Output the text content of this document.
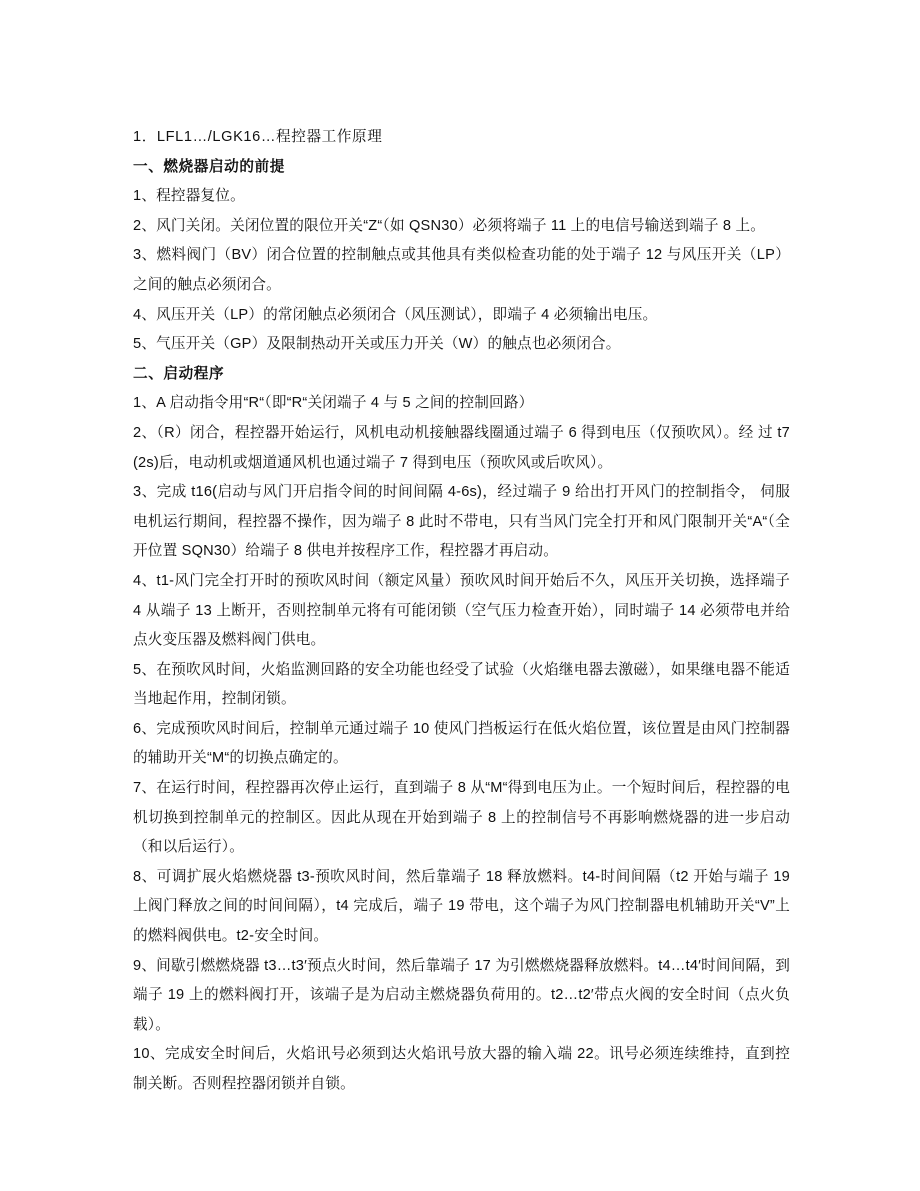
1．LFL1…/LGK16…程控器工作原理

一、燃烧器启动的前提

1、程控器复位。

2、风门关闭。关闭位置的限位开关“Z“（如 QSN30）必须将端子 11 上的电信号输送到端子 8 上。

3、燃料阀门（BV）闭合位置的控制触点或其他具有类似检查功能的处于端子 12 与风压开关（LP）之间的触点必须闭合。

4、风压开关（LP）的常闭触点必须闭合（风压测试），即端子 4 必须输出电压。

5、气压开关（GP）及限制热动开关或压力开关（W）的触点也必须闭合。

二、启动程序

1、A 启动指令用“R“（即“R“关闭端子 4 与 5 之间的控制回路）

2、（R）闭合，程控器开始运行，风机电动机接触器线圈通过端子 6 得到电压（仅预吹风）。经 过 t7(2s)后，电动机或烟道通风机也通过端子 7 得到电压（预吹风或后吹风）。

3、完成 t16(启动与风门开启指令间的时间间隔 4-6s)，经过端子 9 给出打开风门的控制指令， 伺服电机运行期间，程控器不操作，因为端子 8 此时不带电，只有当风门完全打开和风门限制开关“A“（全开位置 SQN30）给端子 8 供电并按程序工作，程控器才再启动。

4、t1-风门完全打开时的预吹风时间（额定风量）预吹风时间开始后不久，风压开关切换，选择端子 4 从端子 13 上断开，否则控制单元将有可能闭锁（空气压力检查开始），同时端子 14 必须带电并给点火变压器及燃料阀门供电。

5、在预吹风时间，火焰监测回路的安全功能也经受了试验（火焰继电器去激磁），如果继电器不能适当地起作用，控制闭锁。

6、完成预吹风时间后，控制单元通过端子 10 使风门挡板运行在低火焰位置，该位置是由风门控制器的辅助开关“M“的切换点确定的。

7、在运行时间，程控器再次停止运行，直到端子 8 从“M“得到电压为止。一个短时间后，程控器的电机切换到控制单元的控制区。因此从现在开始到端子 8 上的控制信号不再影响燃烧器的进一步启动（和以后运行）。

8、可调扩展火焰燃烧器 t3-预吹风时间，然后靠端子 18 释放燃料。t4-时间间隔（t2 开始与端子 19 上阀门释放之间的时间间隔），t4 完成后，端子 19 带电，这个端子为风门控制器电机辅助开关“V”上的燃料阀供电。t2-安全时间。

9、间歇引燃燃烧器 t3…t3′预点火时间，然后靠端子 17 为引燃燃烧器释放燃料。t4…t4′时间间隔，到端子 19 上的燃料阀打开，该端子是为启动主燃烧器负荷用的。t2…t2′带点火阀的安全时间（点火负载）。

10、完成安全时间后，火焰讯号必须到达火焰讯号放大器的输入端 22。讯号必须连续维持，直到控制关断。否则程控器闭锁并自锁。
